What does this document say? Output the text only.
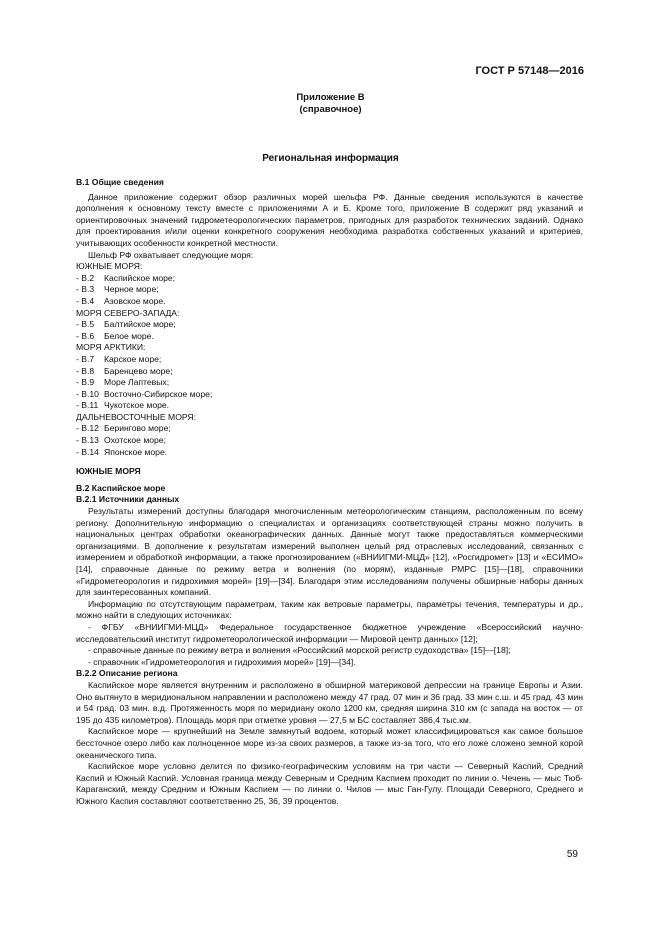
ГОСТ Р 57148—2016
Приложение В
(справочное)
Региональная информация

В.1 Общие сведения

Данное приложение содержит обзор различных морей шельфа РФ. Данные сведения используются в качестве дополнения к основному тексту вместе с приложениями А и Б. Кроме того, приложение В содержит ряд указаний и ориентировочных значений гидрометеорологических параметров, пригодных для разработок технических заданий. Однако для проектирования и/или оценки конкретного сооружения необходима разработка собственных указаний и критериев, учитывающих особенности конкретной местности.

Шельф РФ охватывает следующие моря:

ЮЖНЫЕ МОРЯ:

- В.2 Каспийское море;

- В.3 Черное море;

- В.4 Азовское море.

МОРЯ СЕВЕРО-ЗАПАДА:

- В.5 Балтийское море;

- В.6 Белое море.

МОРЯ АРКТИКИ:

- В.7 Карское море;

- В.8 Баренцево море;

- В.9 Море Лаптевых;

- В.10 Восточно-Сибирское море;

- В.11 Чукотское море.

ДАЛЬНЕВОСТОЧНЫЕ МОРЯ:

- В.12 Берингово море;

- В.13 Охотское море;

- В.14 Японское море.

ЮЖНЫЕ МОРЯ

В.2 Каспийское море

В.2.1 Источники данных

Результаты измерений доступны благодаря многочисленным метеорологическим станциям, расположенным по всему региону. Дополнительную информацию о специалистах и организациях соответствующей страны можно получить в национальных центрах обработки океанографических данных. Данные могут также предоставляться коммерческими организациями. В дополнение к результатам измерений выполнен целый ряд отраслевых исследований, связанных с измерением и обработкой информации, а также прогнозированием («ВНИИГМИ-МЦД» [12], «Росгидромет» [13] и «ЕСИМО» [14], справочные данные по режиму ветра и волнения (по морям), изданные РМРС [15]—[18], справочники «Гидрометеорология и гидрохимия морей» [19]—[34]. Благодаря этим исследованиям получены обширные наборы данных для заинтересованных компаний.

Информацию по отсутствующим параметрам, таким как ветровые параметры, параметры течения, температуры и др., можно найти в следующих источниках:

- ФГБУ «ВНИИГМИ-МЦД» Федеральное государственное бюджетное учреждение «Всероссийский научно-исследовательский институт гидрометеорологической информации — Мировой центр данных» [12];

- справочные данные по режиму ветра и волнения «Российский морской регистр судоходства» [15]—[18];

- справочник «Гидрометеорология и гидрохимия морей» [19]—[34].

В.2.2 Описание региона

Каспийское море является внутренним и расположено в обширной материковой депрессии на границе Европы и Азии. Оно вытянуто в меридиональном направлении и расположено между 47 град. 07 мин и 36 град. 33 мин с.ш. и 45 град. 43 мин и 54 град. 03 мин. в.д. Протяженность моря по меридиану около 1200 км, средняя ширина 310 км (с запада на восток — от 195 до 435 километров). Площадь моря при отметке уровня — 27,5 м БС составляет 386,4 тыс.км.

Каспийское море — крупнейший на Земле замкнутый водоем, который может классифицироваться как самое большое бессточное озеро либо как полноценное море из-за своих размеров, а также из-за того, что его ложе сложено земной корой океанического типа.

Каспийское море условно делится по физико-географическим условиям на три части — Северный Каспий, Средний Каспий и Южный Каспий. Условная граница между Северным и Средним Каспием проходит по линии о. Чечень — мыс Тюб-Караганский, между Средним и Южным Каспием — по линии о. Чилов — мыс Ган-Гулу. Площади Северного, Среднего и Южного Каспия составляют соответственно 25, 36, 39 процентов.

59
